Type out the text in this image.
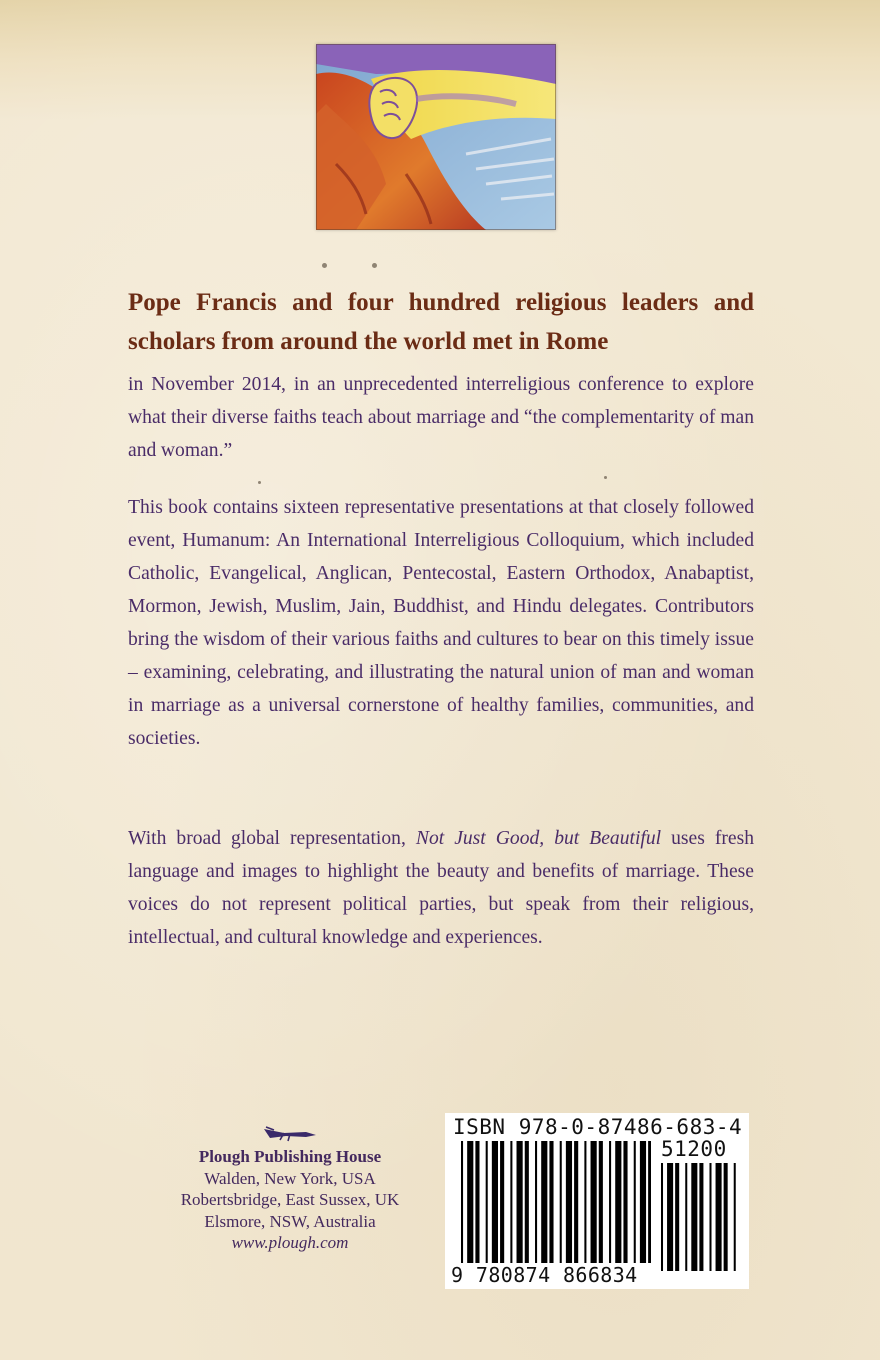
Pope Francis and four hundred religious leaders and scholars from around the world met in Rome

in November 2014, in an unprecedented interreligious conference to explore what their diverse faiths teach about marriage and “the complementarity of man and woman.”

This book contains sixteen representative presentations at that closely followed event, Humanum: An International Interreligious Colloquium, which included Catholic, Evangelical, Anglican, Pentecostal, Eastern Orthodox, Anabaptist, Mormon, Jewish, Muslim, Jain, Buddhist, and Hindu delegates. Contributors bring the wisdom of their various faiths and cultures to bear on this timely issue – examining, celebrating, and illustrating the natural union of man and woman in marriage as a universal cornerstone of healthy families, communities, and societies.

With broad global representation, Not Just Good, but Beautiful uses fresh language and images to highlight the beauty and benefits of marriage. These voices do not represent political parties, but speak from their religious, intellectual, and cultural knowledge and experiences.

Plough Publishing House
Walden, New York, USA
Robertsbridge, East Sussex, UK
Elsmore, NSW, Australia
www.plough.com
ISBN 978-0-87486-683-4
51200
9 780874 866834
